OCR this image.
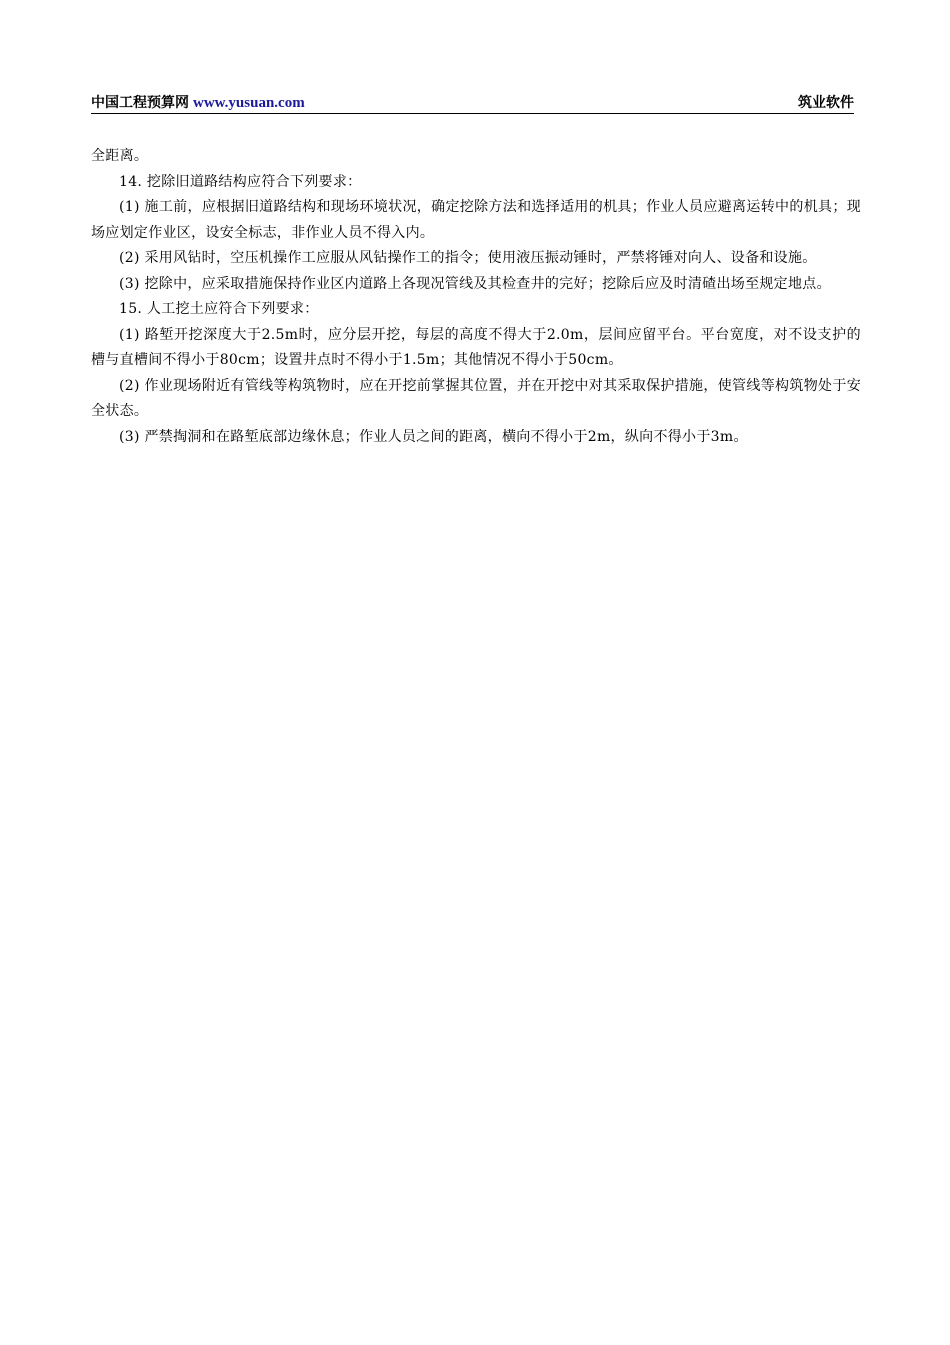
中国工程预算网 www.yusuan.com	筑业软件

全距离。

14. 挖除旧道路结构应符合下列要求：

(1) 施工前，应根据旧道路结构和现场环境状况，确定挖除方法和选择适用的机具；作业人员应避离运转中的机具；现场应划定作业区，设安全标志，非作业人员不得入内。

(2) 采用风钻时，空压机操作工应服从风钻操作工的指令；使用液压振动锤时，严禁将锤对向人、设备和设施。

(3) 挖除中，应采取措施保持作业区内道路上各现况管线及其检查井的完好；挖除后应及时清碴出场至规定地点。

15. 人工挖土应符合下列要求：

(1) 路堑开挖深度大于2.5m时，应分层开挖，每层的高度不得大于2.0m，层间应留平台。平台宽度，对不设支护的槽与直槽间不得小于80cm；设置井点时不得小于1.5m；其他情况不得小于50cm。

(2) 作业现场附近有管线等构筑物时，应在开挖前掌握其位置，并在开挖中对其采取保护措施，使管线等构筑物处于安全状态。

(3) 严禁掏洞和在路堑底部边缘休息；作业人员之间的距离，横向不得小于2m，纵向不得小于3m。
